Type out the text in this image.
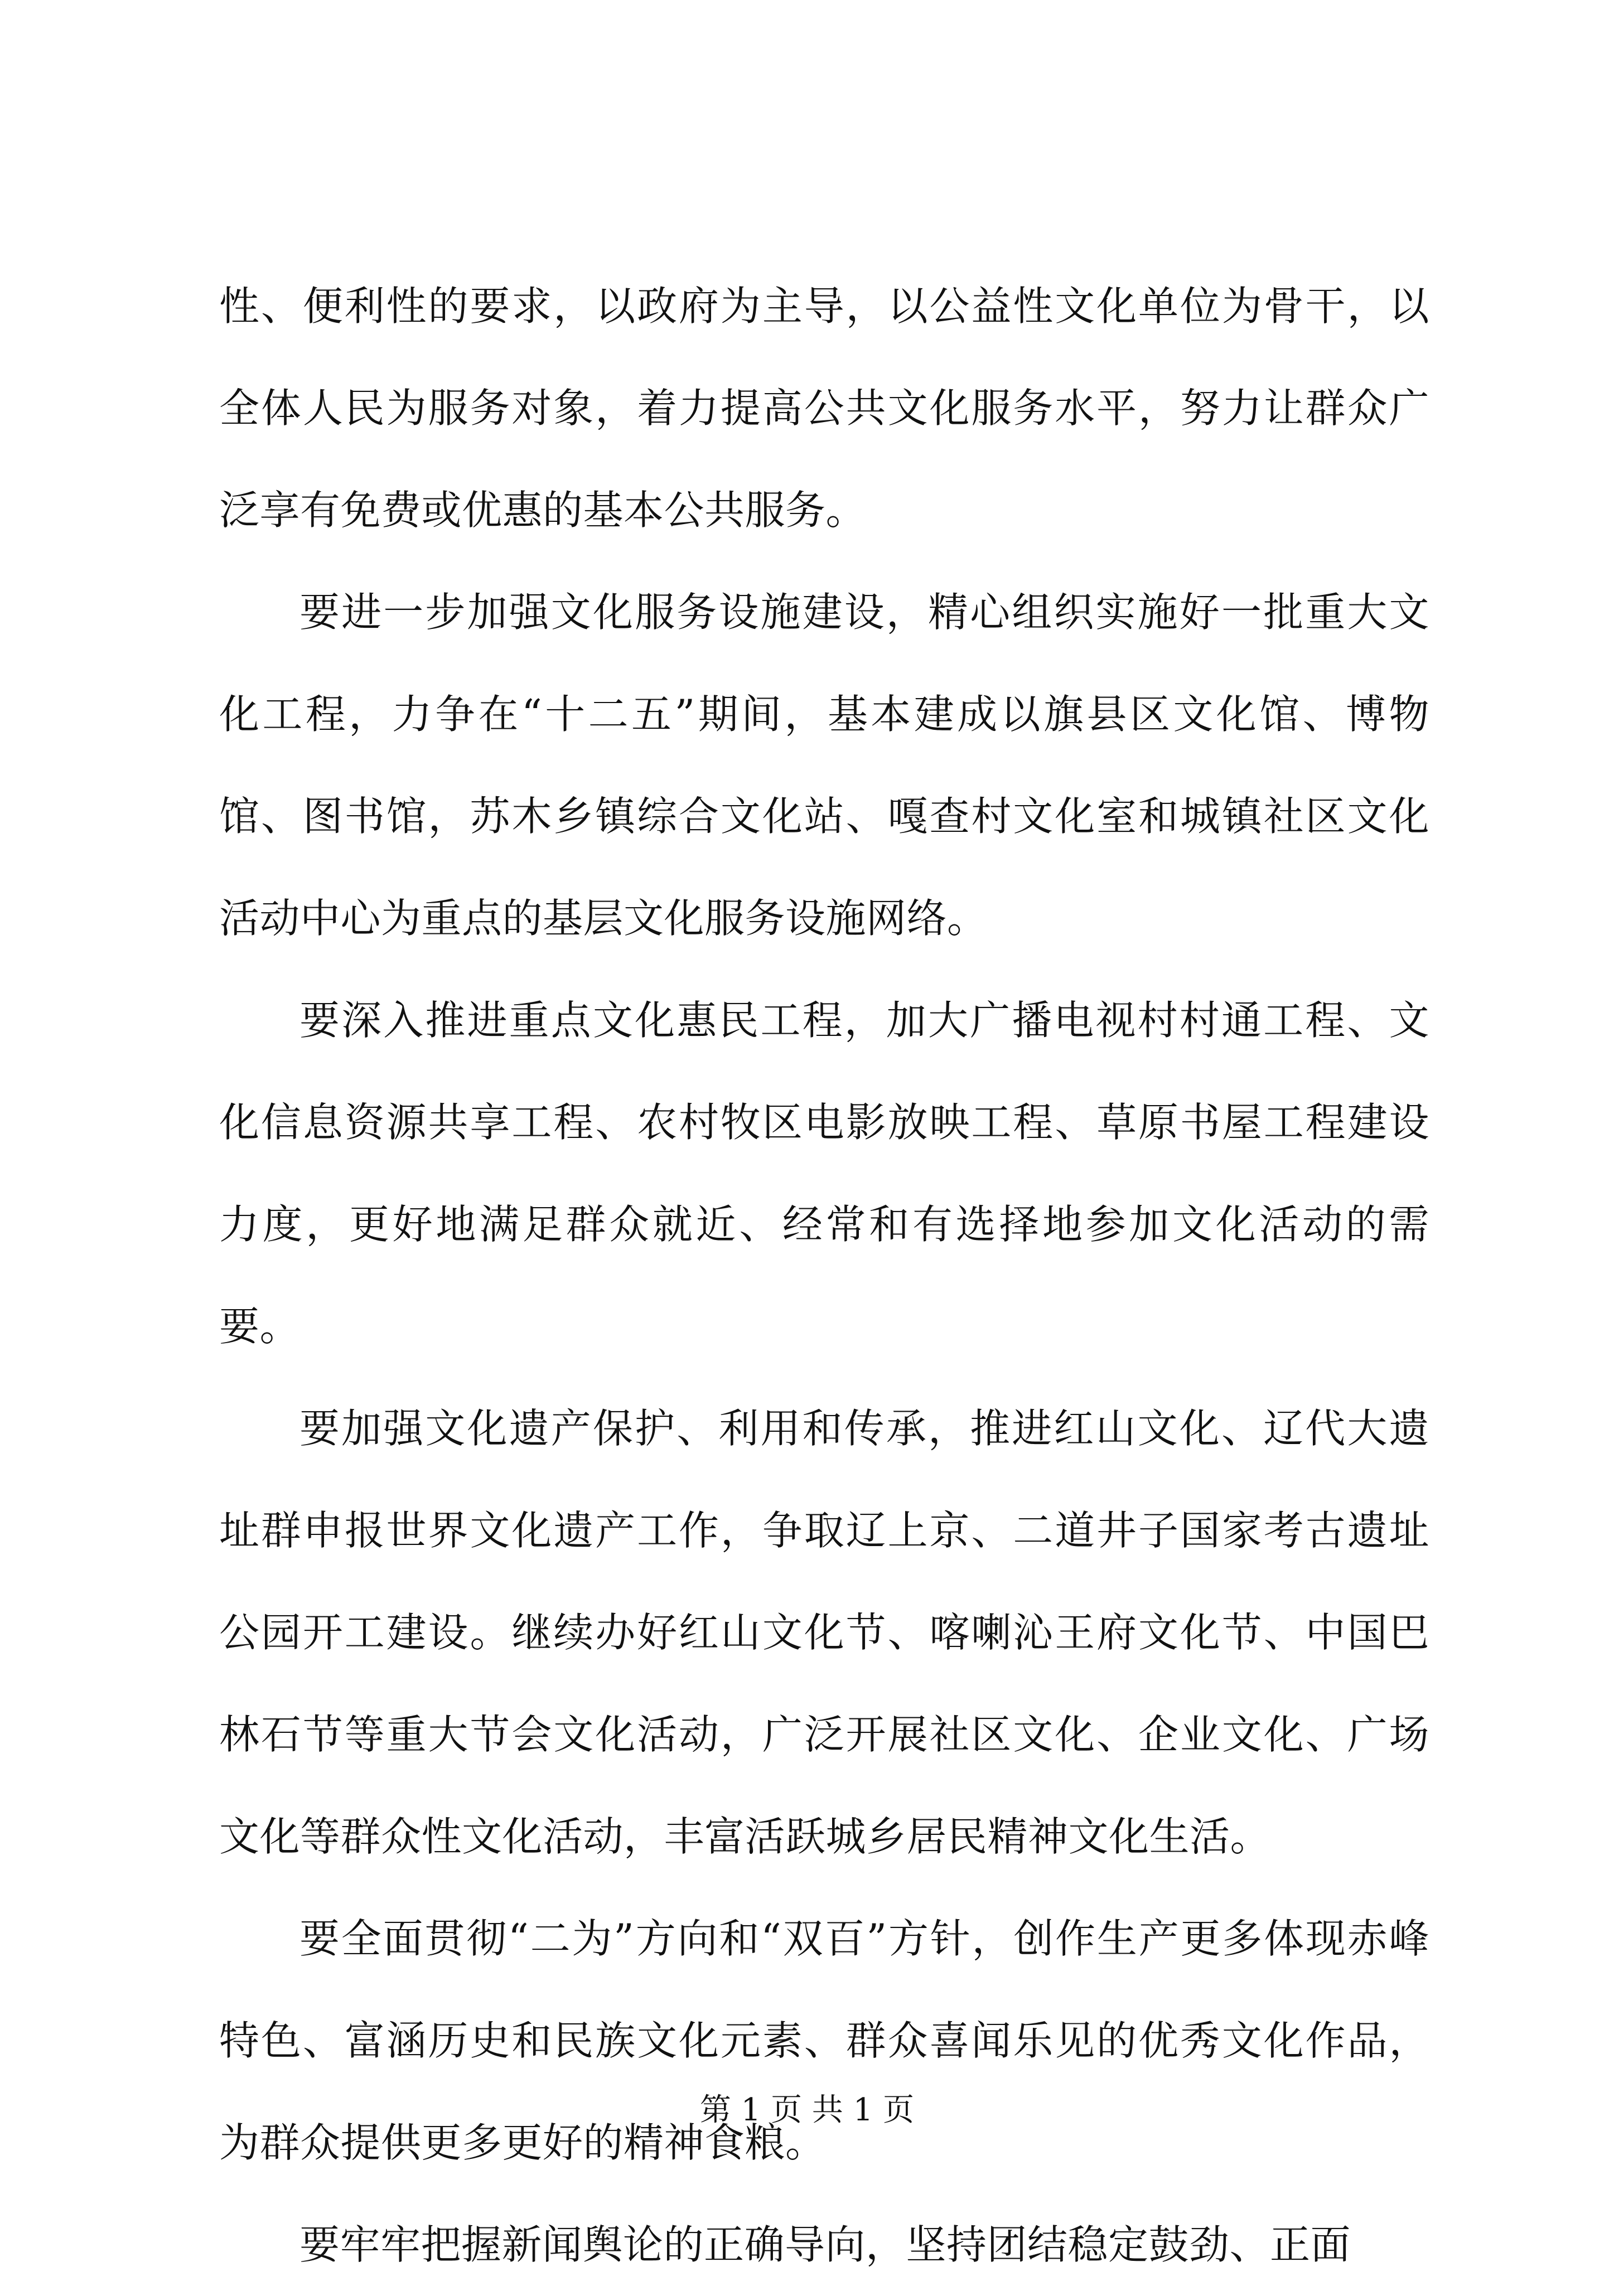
性、便利性的要求，以政府为主导，以公益性文化单位为骨干，以全体人民为服务对象，着力提高公共文化服务水平，努力让群众广泛享有免费或优惠的基本公共服务。

要进一步加强文化服务设施建设，精心组织实施好一批重大文化工程，力争在“十二五”期间，基本建成以旗县区文化馆、博物馆、图书馆，苏木乡镇综合文化站、嘎查村文化室和城镇社区文化活动中心为重点的基层文化服务设施网络。

要深入推进重点文化惠民工程，加大广播电视村村通工程、文化信息资源共享工程、农村牧区电影放映工程、草原书屋工程建设力度，更好地满足群众就近、经常和有选择地参加文化活动的需要。

要加强文化遗产保护、利用和传承，推进红山文化、辽代大遗址群申报世界文化遗产工作，争取辽上京、二道井子国家考古遗址公园开工建设。继续办好红山文化节、喀喇沁王府文化节、中国巴林石节等重大节会文化活动，广泛开展社区文化、企业文化、广场文化等群众性文化活动，丰富活跃城乡居民精神文化生活。

要全面贯彻“二为”方向和“双百”方针，创作生产更多体现赤峰特色、富涵历史和民族文化元素、群众喜闻乐见的优秀文化作品，为群众提供更多更好的精神食粮。

要牢牢把握新闻舆论的正确导向，坚持团结稳定鼓劲、正面

第 1 页 共 1 页
